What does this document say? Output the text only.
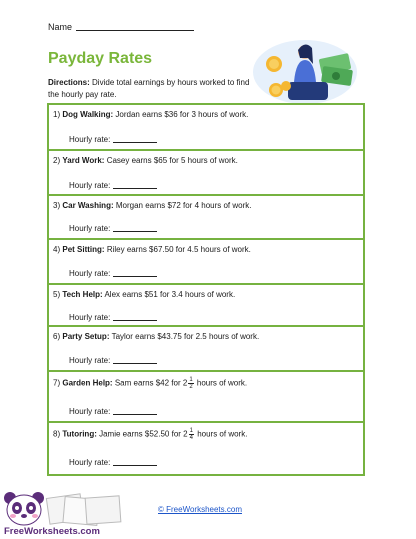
Name
Payday Rates
Directions: Divide total earnings by hours worked to find the hourly pay rate.
1) Dog Walking: Jordan earns $36 for 3 hours of work.
Hourly rate:
2) Yard Work: Casey earns $65 for 5 hours of work.
Hourly rate:
3) Car Washing: Morgan earns $72 for 4 hours of work.
Hourly rate:
4) Pet Sitting: Riley earns $67.50 for 4.5 hours of work.
Hourly rate:
5) Tech Help: Alex earns $51 for 3.4 hours of work.
Hourly rate:
6) Party Setup: Taylor earns $43.75 for 2.5 hours of work.
Hourly rate:
7) Garden Help: Sam earns $42 for $2 \frac{1}{2}$ hours of work.
Hourly rate:
8) Tutoring: Jamie earns $52.50 for $2 \frac{1}{4}$ hours of work.
Hourly rate:
© FreeWorksheets.com
FreeWorksheets.com
